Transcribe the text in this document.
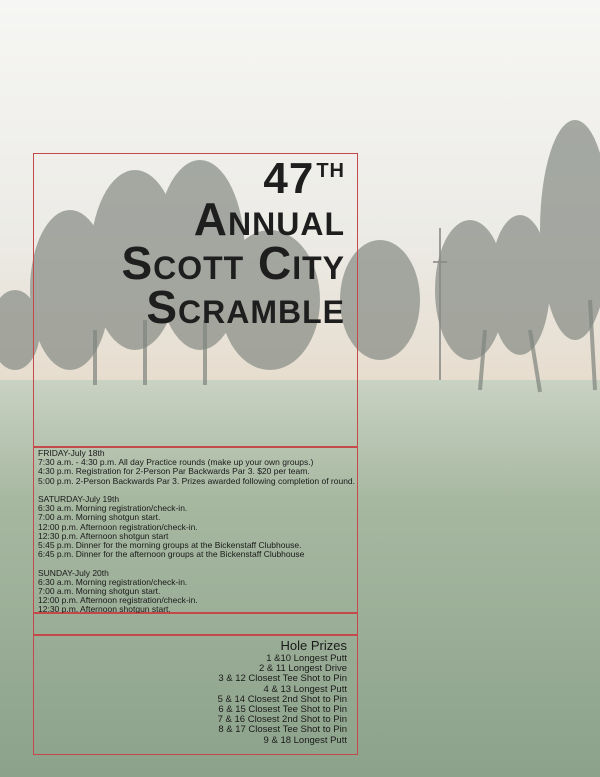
47 $^{TH}$
Annual
Scott City
Scramble
FRIDAY-July 18th
7:30 a.m. - 4:30 p.m. All day Practice rounds (make up your own groups.)
4:30 p.m. Registration for 2-Person Par Backwards Par 3. $20 per team.
5:00 p.m. 2-Person Backwards Par 3. Prizes awarded following completion of round.
SATURDAY-July 19th
6:30 a.m. Morning registration/check-in.
7:00 a.m. Morning shotgun start.
12:00 p.m. Afternoon registration/check-in.
12:30 p.m. Afternoon shotgun start
5:45 p.m. Dinner for the morning groups at the Bickenstaff Clubhouse.
6:45 p.m. Dinner for the afternoon groups at the Bickenstaff Clubhouse
SUNDAY-July 20th
6:30 a.m. Morning registration/check-in.
7:00 a.m. Morning shotgun start.
12:00 p.m. Afternoon registration/check-in.
12:30 p.m. Afternoon shotgun start.
Hole Prizes
1 &10 Longest Putt
2 & 11 Longest Drive
3 & 12 Closest Tee Shot to Pin
4 & 13 Longest Putt
5 & 14 Closest 2nd Shot to Pin
6 & 15 Closest Tee Shot to Pin
7 & 16 Closest 2nd Shot to Pin
8 & 17 Closest Tee Shot to Pin
9 & 18 Longest Putt
